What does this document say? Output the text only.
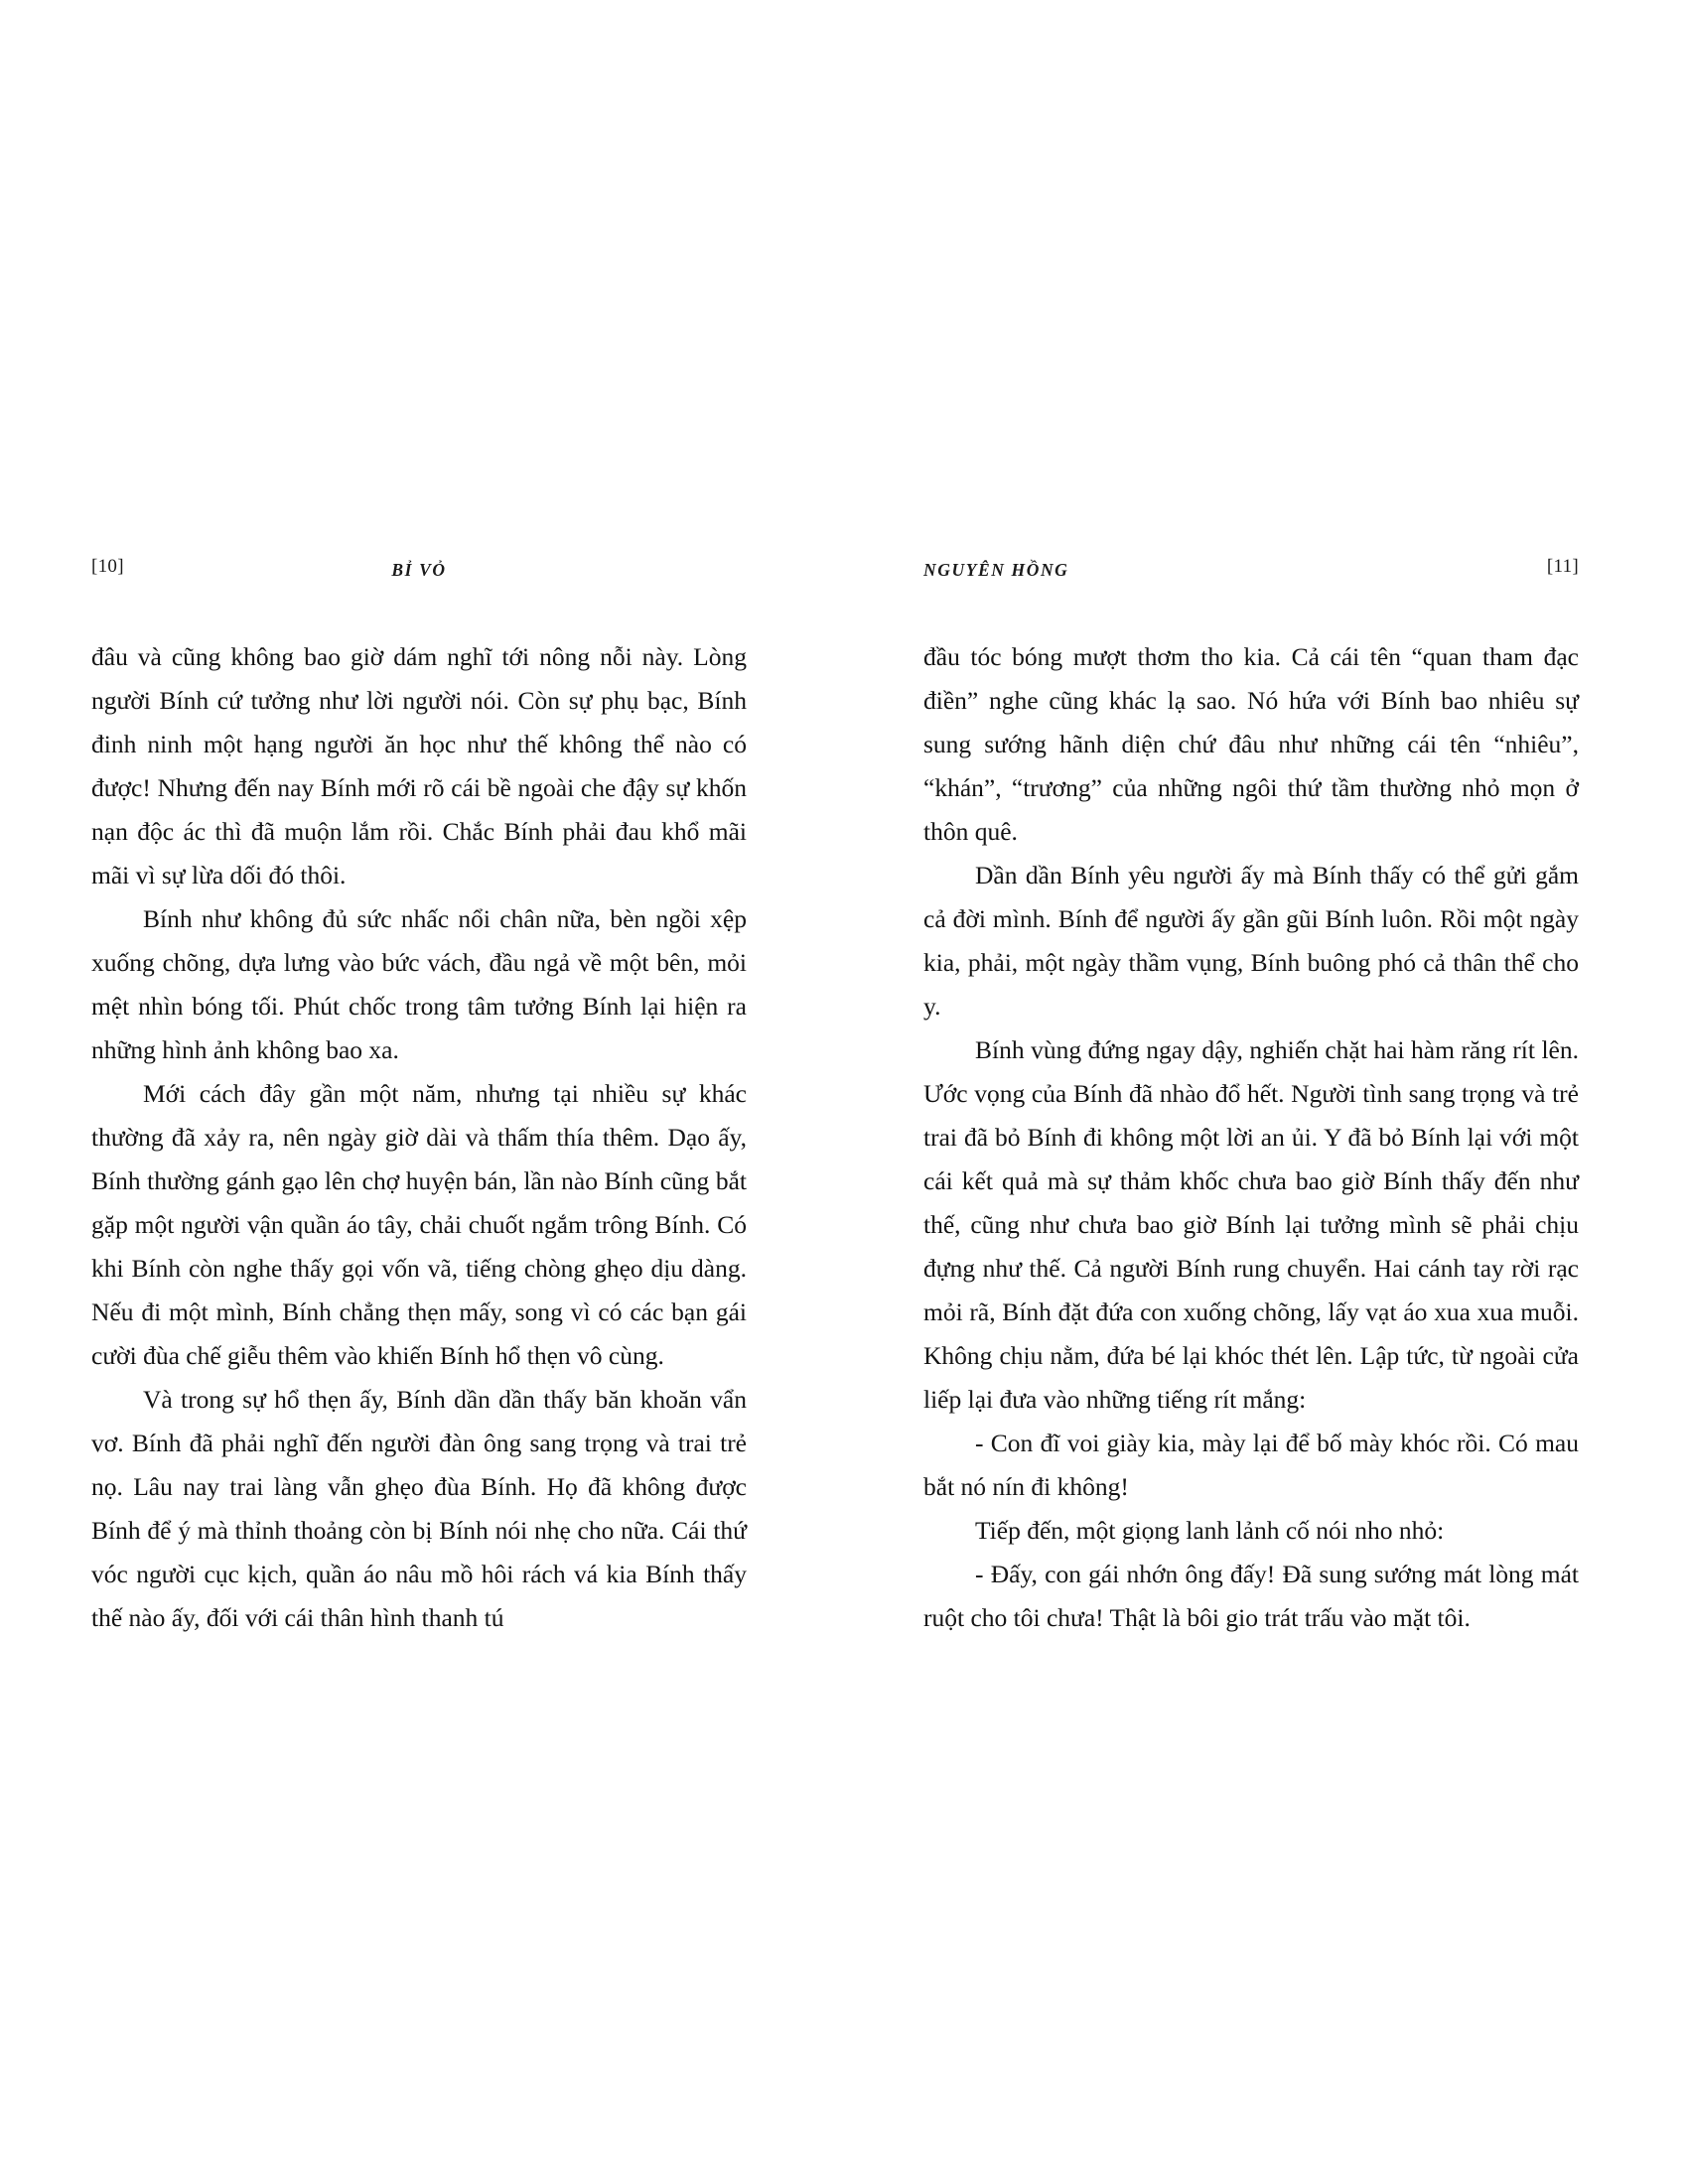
[10]	BỈ VỎ

đâu và cũng không bao giờ dám nghĩ tới nông nỗi này. Lòng người Bính cứ tưởng như lời người nói. Còn sự phụ bạc, Bính đinh ninh một hạng người ăn học như thế không thể nào có được! Nhưng đến nay Bính mới rõ cái bề ngoài che đậy sự khốn nạn độc ác thì đã muộn lắm rồi. Chắc Bính phải đau khổ mãi mãi vì sự lừa dối đó thôi.

Bính như không đủ sức nhấc nổi chân nữa, bèn ngồi xệp xuống chõng, dựa lưng vào bức vách, đầu ngả về một bên, mỏi mệt nhìn bóng tối. Phút chốc trong tâm tưởng Bính lại hiện ra những hình ảnh không bao xa.

Mới cách đây gần một năm, nhưng tại nhiều sự khác thường đã xảy ra, nên ngày giờ dài và thấm thía thêm. Dạo ấy, Bính thường gánh gạo lên chợ huyện bán, lần nào Bính cũng bắt gặp một người vận quần áo tây, chải chuốt ngắm trông Bính. Có khi Bính còn nghe thấy gọi vốn vã, tiếng chòng ghẹo dịu dàng. Nếu đi một mình, Bính chẳng thẹn mấy, song vì có các bạn gái cười đùa chế giễu thêm vào khiến Bính hổ thẹn vô cùng.

Và trong sự hổ thẹn ấy, Bính dần dần thấy băn khoăn vẩn vơ. Bính đã phải nghĩ đến người đàn ông sang trọng và trai trẻ nọ. Lâu nay trai làng vẫn ghẹo đùa Bính. Họ đã không được Bính để ý mà thỉnh thoảng còn bị Bính nói nhẹ cho nữa. Cái thứ vóc người cục kịch, quần áo nâu mồ hôi rách vá kia Bính thấy thế nào ấy, đối với cái thân hình thanh tú

NGUYÊN HỒNG	[11]

đầu tóc bóng mượt thơm tho kia. Cả cái tên “quan tham đạc điền” nghe cũng khác lạ sao. Nó hứa với Bính bao nhiêu sự sung sướng hãnh diện chứ đâu như những cái tên “nhiêu”, “khán”, “trương” của những ngôi thứ tầm thường nhỏ mọn ở thôn quê.

Dần dần Bính yêu người ấy mà Bính thấy có thể gửi gắm cả đời mình. Bính để người ấy gần gũi Bính luôn. Rồi một ngày kia, phải, một ngày thầm vụng, Bính buông phó cả thân thể cho y.

Bính vùng đứng ngay dậy, nghiến chặt hai hàm răng rít lên. Ước vọng của Bính đã nhào đổ hết. Người tình sang trọng và trẻ trai đã bỏ Bính đi không một lời an ủi. Y đã bỏ Bính lại với một cái kết quả mà sự thảm khốc chưa bao giờ Bính thấy đến như thế, cũng như chưa bao giờ Bính lại tưởng mình sẽ phải chịu đựng như thế. Cả người Bính rung chuyển. Hai cánh tay rời rạc mỏi rã, Bính đặt đứa con xuống chõng, lấy vạt áo xua xua muỗi. Không chịu nằm, đứa bé lại khóc thét lên. Lập tức, từ ngoài cửa liếp lại đưa vào những tiếng rít mắng:

- Con đĩ voi giày kia, mày lại để bố mày khóc rồi. Có mau bắt nó nín đi không!

Tiếp đến, một giọng lanh lảnh cố nói nho nhỏ:

- Đấy, con gái nhớn ông đấy! Đã sung sướng mát lòng mát ruột cho tôi chưa! Thật là bôi gio trát trấu vào mặt tôi.
